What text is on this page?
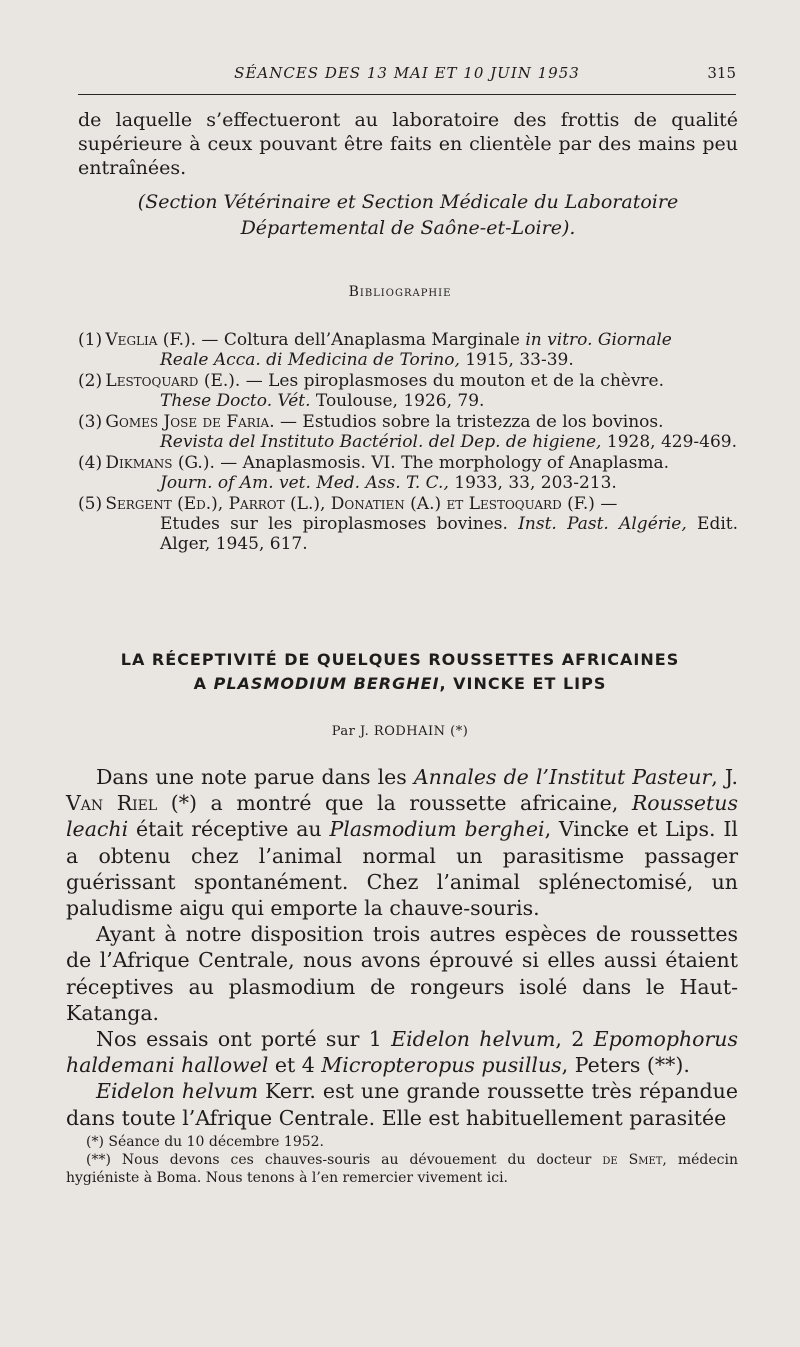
SÉANCES DES 13 MAI ET 10 JUIN 1953	315
de laquelle s’effectueront au laboratoire des frottis de qualité supérieure à ceux pouvant être faits en clientèle par des mains peu entraînées.
(Section Vétérinaire et Section Médicale du Laboratoire
Départemental de Saône-et-Loire).
Bibliographie

(1) Veglia (F.). — Coltura dell’Anaplasma Marginale in vitro. Giornale
Reale Acca. di Medicina de Torino, 1915, 33-39.

(2) Lestoquard (E.). — Les piroplasmoses du mouton et de la chèvre.
These Docto. Vét. Toulouse, 1926, 79.

(3) Gomes Jose de Faria. — Estudios sobre la tristezza de los bovinos.
Revista del Instituto Bactériol. del Dep. de higiene, 1928, 429-469.

(4) Dikmans (G.). — Anaplasmosis. VI. The morphology of Anaplasma.
Journ. of Am. vet. Med. Ass. T. C., 1933, 33, 203-213.

(5) Sergent (Ed.), Parrot (L.), Donatien (A.) et Lestoquard (F.) —
Etudes sur les piroplasmoses bovines. Inst. Past. Algérie, Edit. Alger, 1945, 617.

LA RÉCEPTIVITÉ DE QUELQUES ROUSSETTES AFRICAINES
A PLASMODIUM BERGHEI, VINCKE ET LIPS
Par J. RODHAIN (*)

Dans une note parue dans les Annales de l’Institut Pasteur, J. Van Riel (*) a montré que la roussette africaine, Roussetus leachi était réceptive au Plasmodium berghei, Vincke et Lips. Il a obtenu chez l’animal normal un parasitisme passager guérissant spontanément. Chez l’animal splénectomisé, un paludisme aigu qui emporte la chauve-souris.

Ayant à notre disposition trois autres espèces de roussettes de l’Afrique Centrale, nous avons éprouvé si elles aussi étaient réceptives au plasmodium de rongeurs isolé dans le Haut-Katanga.

Nos essais ont porté sur 1 Eidelon helvum, 2 Epomophorus haldemani hallowel et 4 Micropteropus pusillus, Peters (**).

Eidelon helvum Kerr. est une grande roussette très répandue dans toute l’Afrique Centrale. Elle est habituellement parasitée

(*) Séance du 10 décembre 1952.

(**) Nous devons ces chauves-souris au dévouement du docteur de Smet, médecin hygiéniste à Boma. Nous tenons à l’en remercier vivement ici.
